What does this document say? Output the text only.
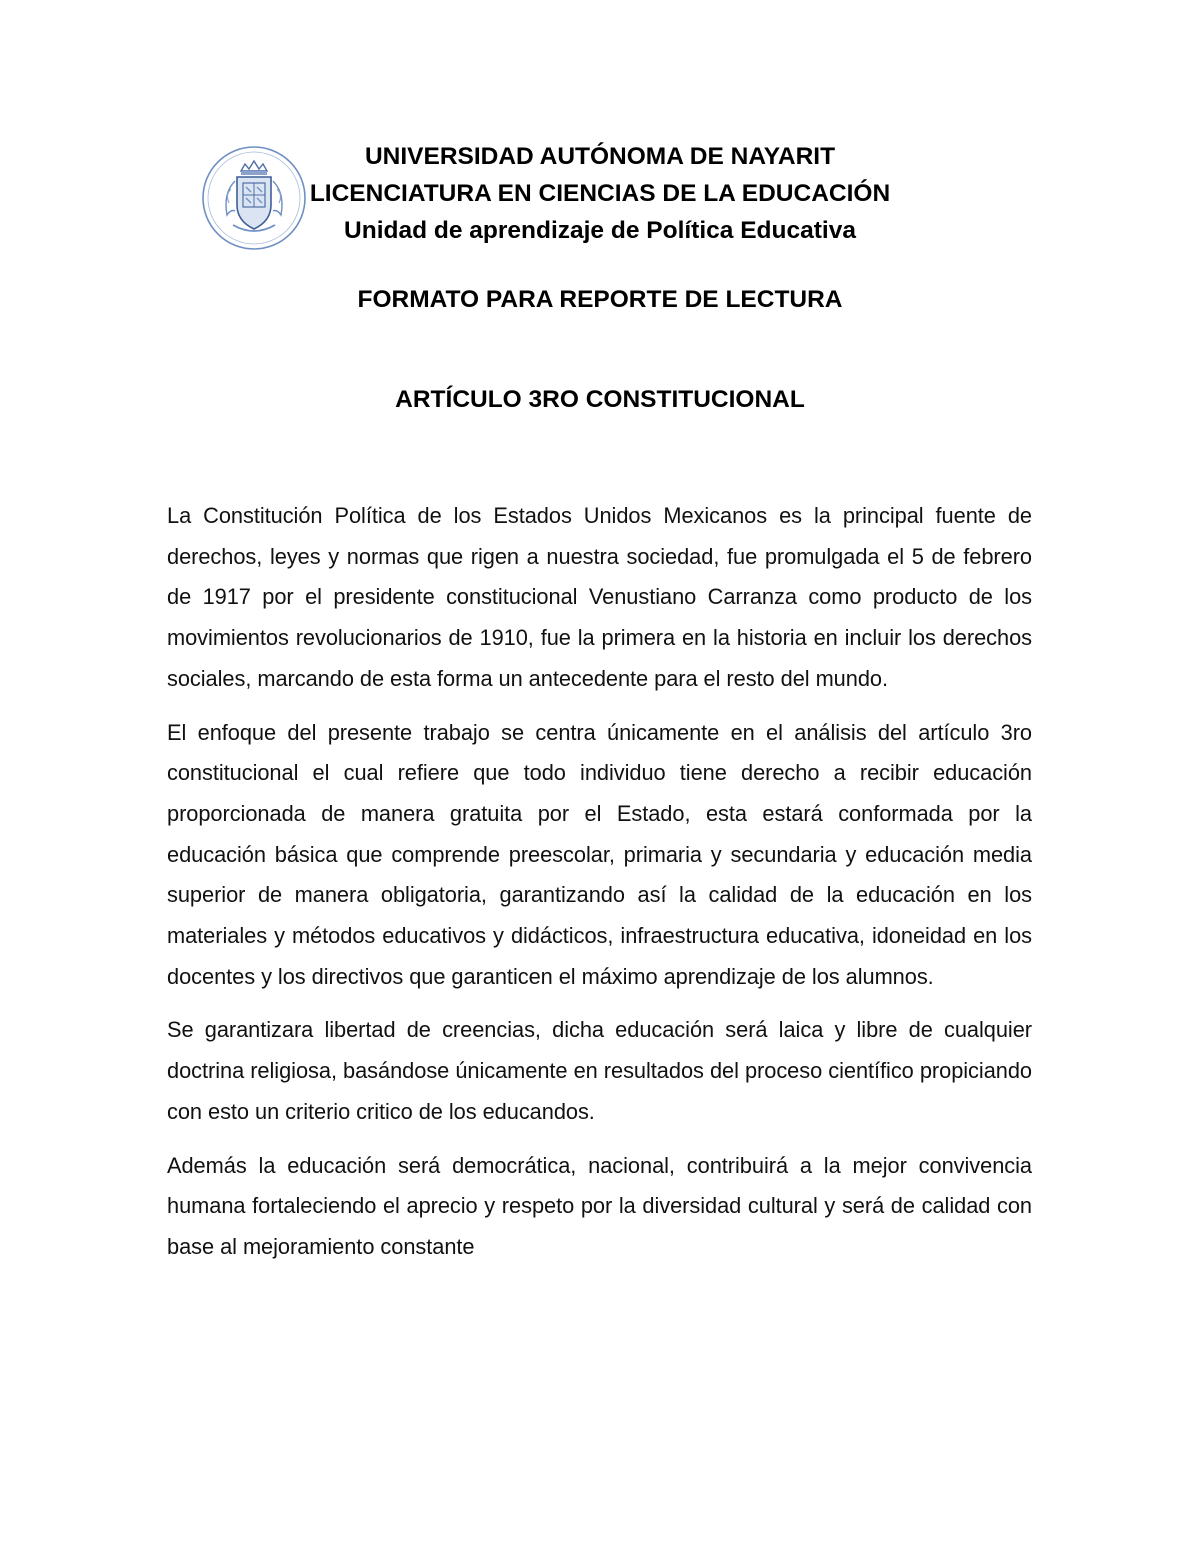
UNIVERSIDAD AUTÓNOMA DE NAYARIT
LICENCIATURA EN CIENCIAS DE LA EDUCACIÓN
Unidad de aprendizaje de Política Educativa
FORMATO PARA REPORTE DE LECTURA
ARTÍCULO 3RO CONSTITUCIONAL

La Constitución Política de los Estados Unidos Mexicanos es la principal fuente de derechos, leyes y normas que rigen a nuestra sociedad, fue promulgada el 5 de febrero de 1917 por el presidente constitucional Venustiano Carranza como producto de los movimientos revolucionarios de 1910, fue la primera en la historia en incluir los derechos sociales, marcando de esta forma un antecedente para el resto del mundo.

El enfoque del presente trabajo se centra únicamente en el análisis del artículo 3ro constitucional el cual refiere que todo individuo tiene derecho a recibir educación proporcionada de manera gratuita por el Estado, esta estará conformada por la educación básica que comprende preescolar, primaria y secundaria y educación media superior de manera obligatoria, garantizando así la calidad de la educación en los materiales y métodos educativos y didácticos, infraestructura educativa, idoneidad en los docentes y los directivos que garanticen el máximo aprendizaje de los alumnos.

Se garantizara libertad de creencias, dicha educación será laica y libre de cualquier doctrina religiosa, basándose únicamente en resultados del proceso científico propiciando con esto un criterio critico de los educandos.

Además la educación será democrática, nacional, contribuirá a la mejor convivencia humana fortaleciendo el aprecio y respeto por la diversidad cultural y será de calidad con base al mejoramiento constante
